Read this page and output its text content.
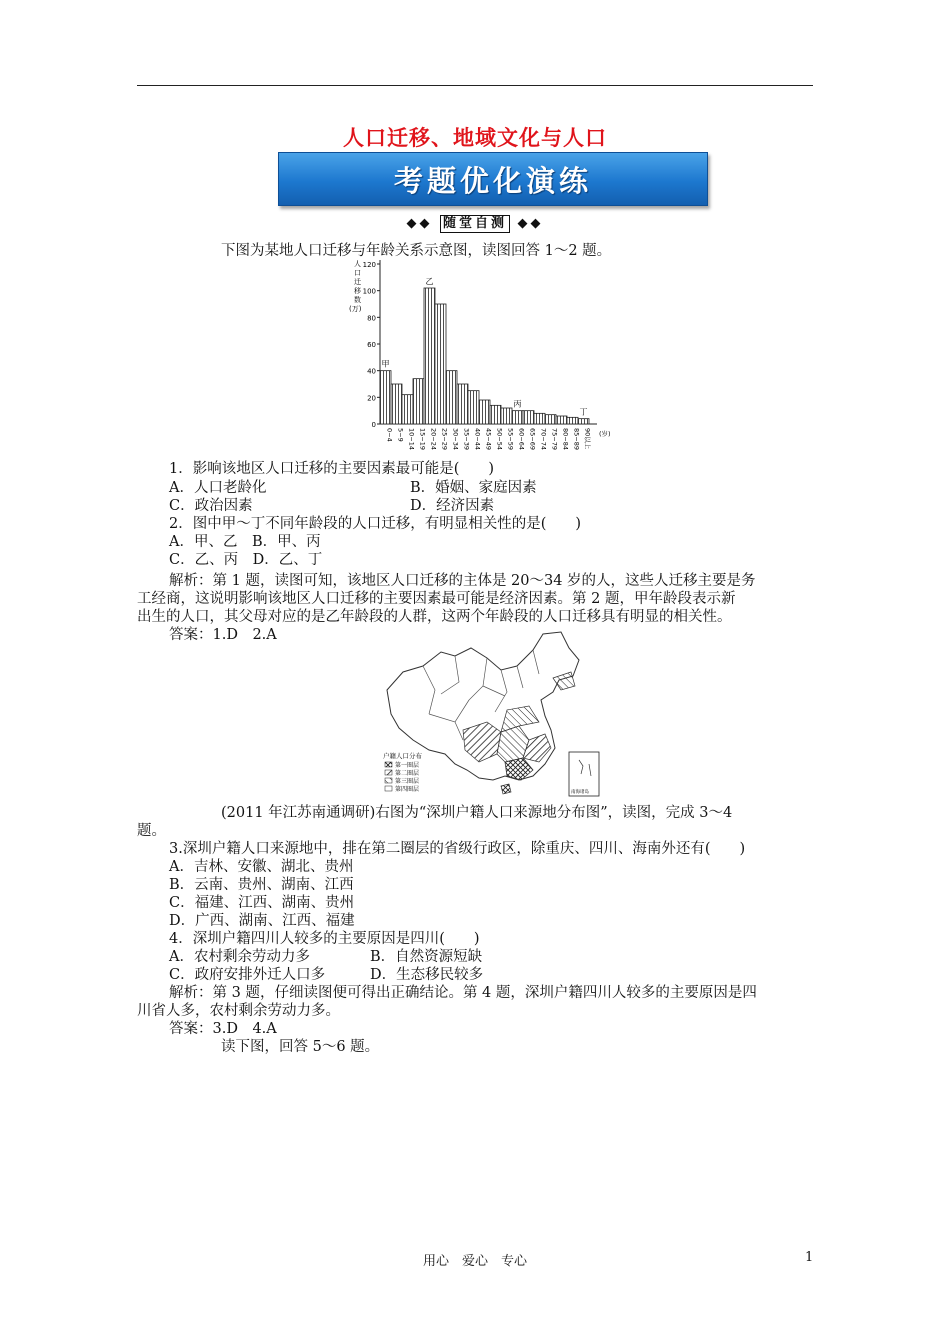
人口迁移、地域文化与人口
考题优化演练
◆◆ 随堂自测 ◆◆
下图为某地人口迁移与年龄关系示意图，读图回答 1～2 题。
人口迁移数(万)
0
20
40
60
80
100
120
0~4 5~9 10~14 15~19 20~24 25~29 30~34 35~39 40~44 45~49 50~54 55~59 60~64 65~69 70~74 75~79 80~84 85~89 90以上 (岁)
甲
乙
丙
丁
1．影响该地区人口迁移的主要因素最可能是(　　)
A．人口老龄化	B．婚姻、家庭因素
C．政治因素	D．经济因素
2．图中甲～丁不同年龄段的人口迁移，有明显相关性的是(　　)
A．甲、乙　B．甲、丙
C．乙、丙　D．乙、丁
解析：第 1 题，读图可知，该地区人口迁移的主体是 20～34 岁的人，这些人迁移主要是务
工经商，这说明影响该地区人口迁移的主要因素最可能是经济因素。第 2 题，甲年龄段表示新
出生的人口，其父母对应的是乙年龄段的人群，这两个年龄段的人口迁移具有明显的相关性。
答案：1.D　2.A
户籍人口分布
第一圈层
第二圈层
第三圈层
第四圈层	南海诸岛
(2011 年江苏南通调研)右图为“深圳户籍人口来源地分布图”，读图，完成 3～4
题。
3.深圳户籍人口来源地中，排在第二圈层的省级行政区，除重庆、四川、海南外还有(　　)
A．吉林、安徽、湖北、贵州
B．云南、贵州、湖南、江西
C．福建、江西、湖南、贵州
D．广西、湖南、江西、福建
4．深圳户籍四川人较多的主要原因是四川(　　)
A．农村剩余劳动力多	B．自然资源短缺
C．政府安排外迁人口多	D．生态移民较多
解析：第 3 题，仔细读图便可得出正确结论。第 4 题，深圳户籍四川人较多的主要原因是四
川省人多，农村剩余劳动力多。
答案：3.D　4.A
读下图，回答 5～6 题。
用心　爱心　专心	1
